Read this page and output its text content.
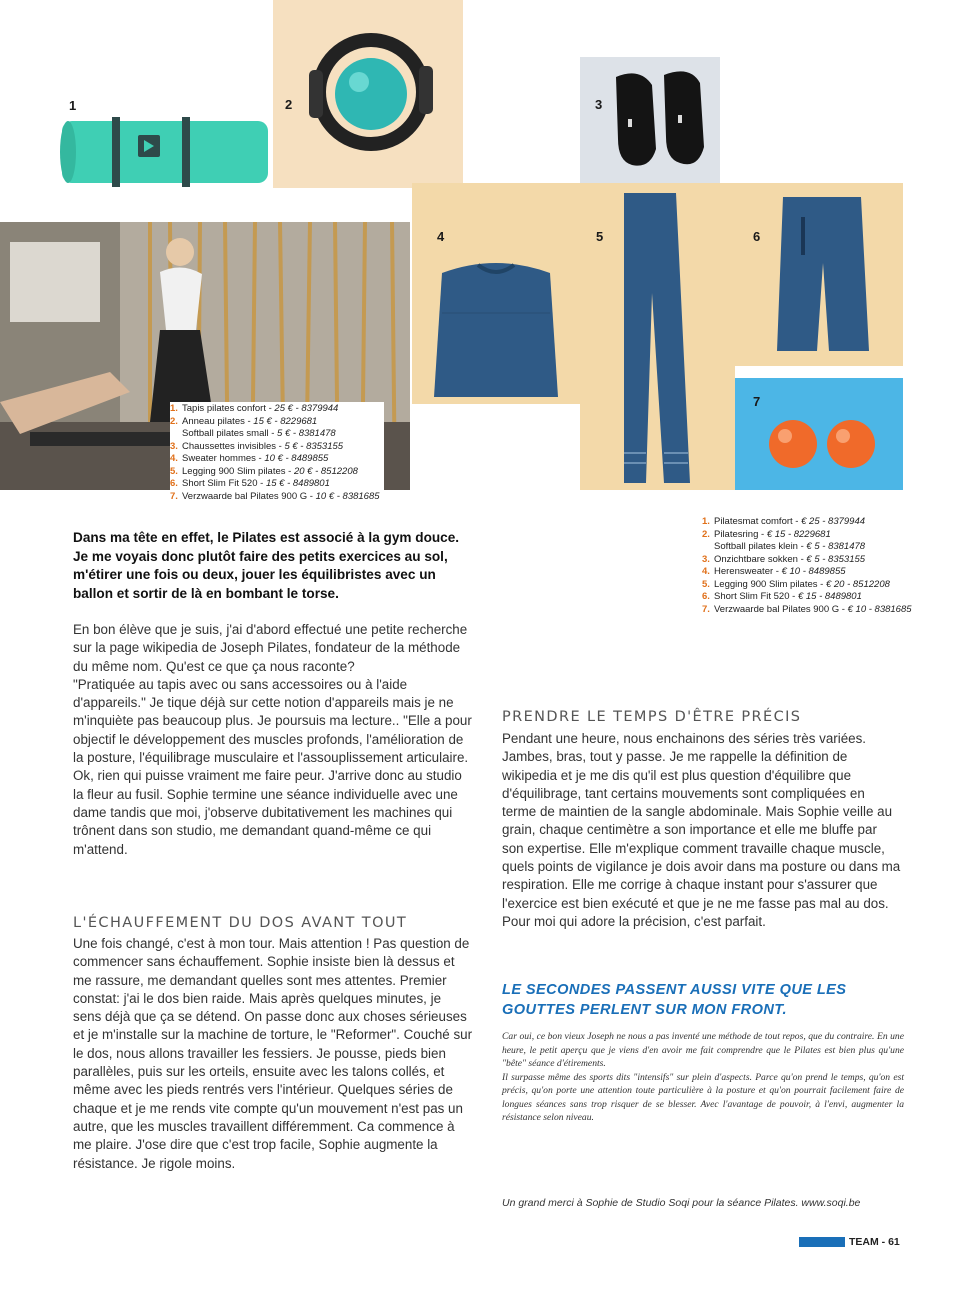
1	2	3
4	5	6
7
1. Tapis pilates confort - 25 € - 8379944
2. Anneau pilates - 15 € - 8229681
Softball pilates small - 5 € - 8381478
3. Chaussettes invisibles - 5 € - 8353155
4. Sweater hommes - 10 € - 8489855
5. Legging 900 Slim pilates - 20 € - 8512208
6. Short Slim Fit 520 - 15 € - 8489801
7. Verzwaarde bal Pilates 900 G - 10 € - 8381685
1. Pilatesmat comfort - € 25 - 8379944
2. Pilatesring - € 15 - 8229681
Softball pilates klein - € 5 - 8381478
3. Onzichtbare sokken - € 5 - 8353155
4. Herensweater - € 10 - 8489855
5. Legging 900 Slim pilates - € 20 - 8512208
6. Short Slim Fit 520 - € 15 - 8489801
7. Verzwaarde bal Pilates 900 G - € 10 - 8381685
Dans ma tête en effet, le Pilates est associé à la gym douce. Je me voyais donc plutôt faire des petits exercices au sol, m'étirer une fois ou deux, jouer les équilibristes avec un ballon et sortir de là en bombant le torse.

En bon élève que je suis, j'ai d'abord effectué une petite recherche sur la page wikipedia de Joseph Pilates, fondateur de la méthode du même nom. Qu'est ce que ça nous raconte?

"Pratiquée au tapis avec ou sans accessoires ou à l'aide d'appareils." Je tique déjà sur cette notion d'appareils mais je ne m'inquiète pas beaucoup plus. Je poursuis ma lecture.. "Elle a pour objectif le développement des muscles profonds, l'amélioration de la posture, l'équilibrage musculaire et l'assouplissement articulaire. Ok, rien qui puisse vraiment me faire peur. J'arrive donc au studio la fleur au fusil. Sophie termine une séance individuelle avec une dame tandis que moi, j'observe dubitativement les machines qui trônent dans son studio, me demandant quand-même ce qui m'attend.

L'ÉCHAUFFEMENT DU DOS AVANT TOUT

Une fois changé, c'est à mon tour. Mais attention ! Pas question de commencer sans échauffement. Sophie insiste bien là dessus et me rassure, me demandant quelles sont mes attentes. Premier constat: j'ai le dos bien raide. Mais après quelques minutes, je sens déjà que ça se détend. On passe donc aux choses sérieuses et je m'installe sur la machine de torture, le "Reformer". Couché sur le dos, nous allons travailler les fessiers. Je pousse, pieds bien parallèles, puis sur les orteils, ensuite avec les talons collés, et même avec les pieds rentrés vers l'intérieur. Quelques séries de chaque et je me rends vite compte qu'un mouvement n'est pas un autre, que les muscles travaillent différemment. Ca commence à me plaire. J'ose dire que c'est trop facile, Sophie augmente la résistance. Je rigole moins.

PRENDRE LE TEMPS D'ÊTRE PRÉCIS

Pendant une heure, nous enchainons des séries très variées. Jambes, bras, tout y passe. Je me rappelle la définition de wikipedia et je me dis qu'il est plus question d'équilibre que d'équilibrage, tant certains mouvements sont compliquées en terme de maintien de la sangle abdominale. Mais Sophie veille au grain, chaque centimètre a son importance et elle me bluffe par son expertise. Elle m'explique comment travaille chaque muscle, quels points de vigilance je dois avoir dans ma posture ou dans ma respiration. Elle me corrige à chaque instant pour s'assurer que l'exercice est bien exécuté et que je ne me fasse pas mal au dos. Pour moi qui adore la précision, c'est parfait.

LE SECONDES PASSENT AUSSI VITE QUE LES GOUTTES PERLENT SUR MON FRONT.

Car oui, ce bon vieux Joseph ne nous a pas inventé une méthode de tout repos, que du contraire. En une heure, le petit aperçu que je viens d'en avoir me fait comprendre que le Pilates est bien plus qu'une "bête" séance d'étirements.

Il surpasse même des sports dits "intensifs" sur plein d'aspects. Parce qu'on prend le temps, qu'on est précis, qu'on porte une attention toute particulière à la posture et qu'on pourrait facilement faire de longues séances sans trop risquer de se blesser. Avec l'avantage de pouvoir, à l'envi, augmenter la résistance selon niveau.

Un grand merci à Sophie de Studio Soqi pour la séance Pilates. www.soqi.be
TEAM - 61
